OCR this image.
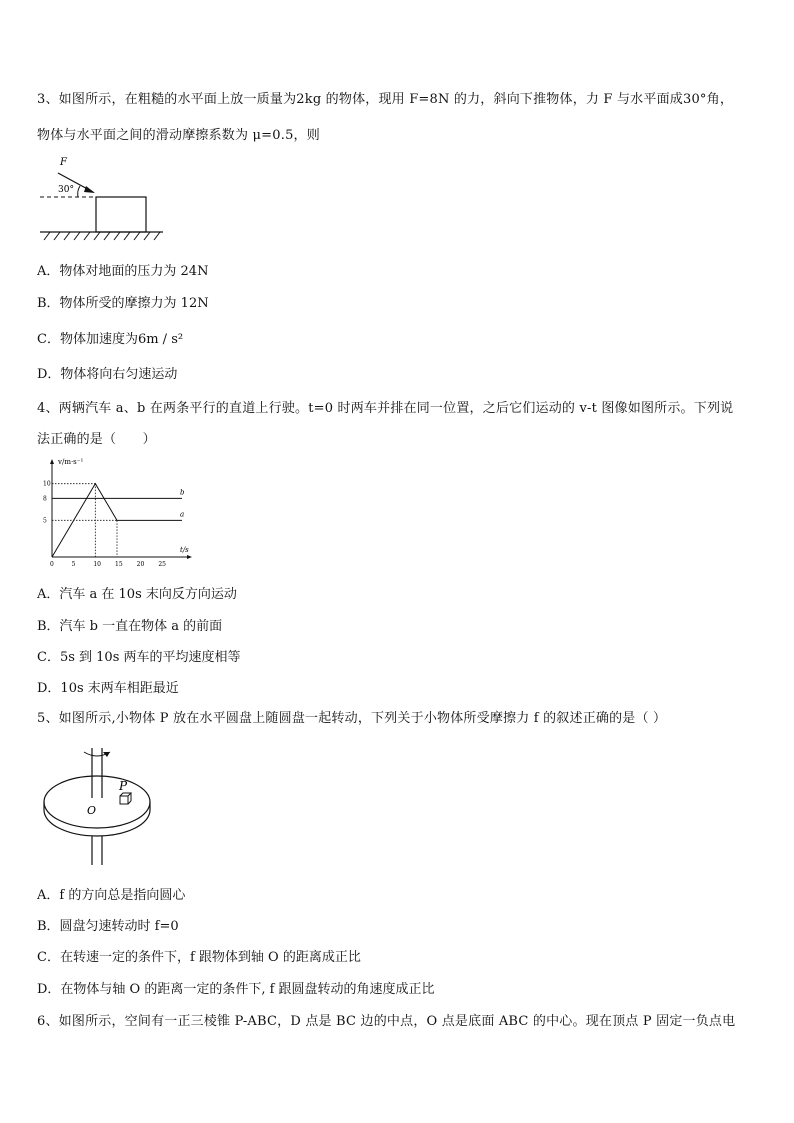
3、如图所示，在粗糙的水平面上放一质量为2kg 的物体，现用 F=8N 的力，斜向下推物体，力 F 与水平面成30°角，
物体与水平面之间的滑动摩擦系数为 μ=0.5，则
F
30°
A．物体对地面的压力为 24N
B．物体所受的摩擦力为 12N
C．物体加速度为6m / s²
D．物体将向右匀速运动
4、两辆汽车 a、b 在两条平行的直道上行驶。t=0 时两车并排在同一位置，之后它们运动的 v-t 图像如图所示。下列说
法正确的是（　　）
v/m·s⁻¹
t/s
0	5	10 15 20 25
5
8
10
a
b
A．汽车 a 在 10s 末向反方向运动
B．汽车 b 一直在物体 a 的前面
C．5s 到 10s 两车的平均速度相等
D．10s 末两车相距最近
5、如图所示,小物体 P 放在水平圆盘上随圆盘一起转动，下列关于小物体所受摩擦力 f 的叙述正确的是（ ）
P
O
A．f 的方向总是指向圆心
B．圆盘匀速转动时 f=0
C．在转速一定的条件下，f 跟物体到轴 O 的距离成正比
D．在物体与轴 O 的距离一定的条件下, f 跟圆盘转动的角速度成正比
6、如图所示，空间有一正三棱锥 P-ABC，D 点是 BC 边的中点，O 点是底面 ABC 的中心。现在顶点 P 固定一负点电
